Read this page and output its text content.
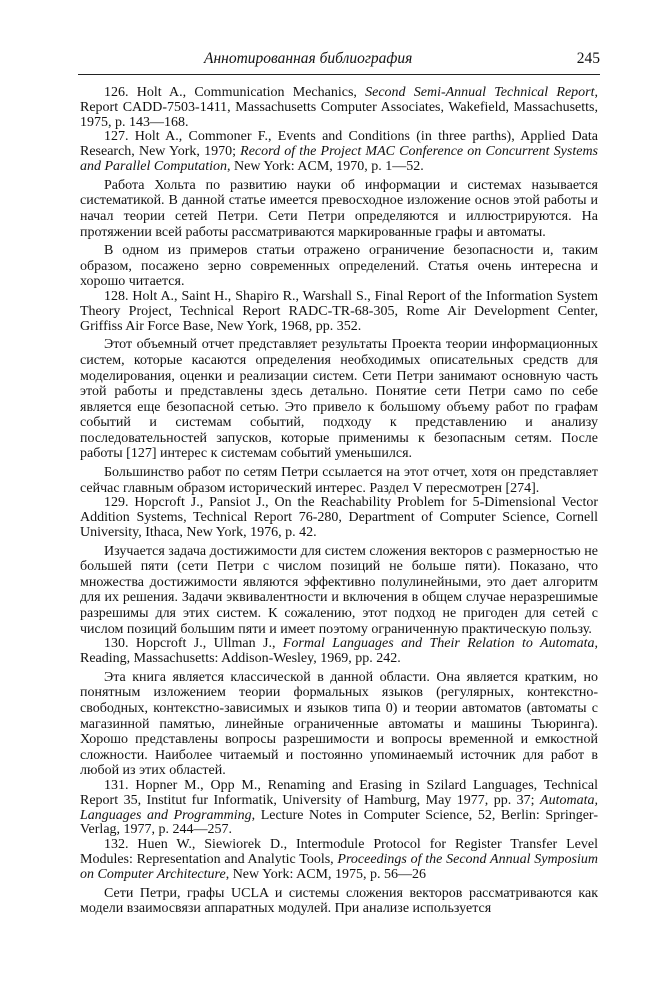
Аннотированная библиография	245

126. Holt A., Communication Mechanics, Second Semi-Annual Technical Report, Report CADD-7503-1411, Massachusetts Computer Associates, Wakefield, Massachusetts, 1975, p. 143—168.

127. Holt A., Commoner F., Events and Conditions (in three parths), Applied Data Research, New York, 1970; Record of the Project MAC Conference on Concurrent Systems and Parallel Computation, New York: ACM, 1970, p. 1—52.

Работа Хольта по развитию науки об информации и системах называется систематикой. В данной статье имеется превосходное изложение основ этой работы и начал теории сетей Петри. Сети Петри определяются и иллюстрируются. На протяжении всей работы рассматриваются маркированные графы и автоматы.

В одном из примеров статьи отражено ограничение безопасности и, таким образом, посажено зерно современных определений. Статья очень интересна и хорошо читается.

128. Holt A., Saint H., Shapiro R., Warshall S., Final Report of the Information System Theory Project, Technical Report RADC-TR-68-305, Rome Air Development Center, Griffiss Air Force Base, New York, 1968, pp. 352.

Этот объемный отчет представляет результаты Проекта теории информационных систем, которые касаются определения необходимых описательных средств для моделирования, оценки и реализации систем. Сети Петри занимают основную часть этой работы и представлены здесь детально. Понятие сети Петри само по себе является еще безопасной сетью. Это привело к большому объему работ по графам событий и системам событий, подходу к представлению и анализу последовательностей запусков, которые применимы к безопасным сетям. После работы [127] интерес к системам событий уменьшился.

Большинство работ по сетям Петри ссылается на этот отчет, хотя он представляет сейчас главным образом исторический интерес. Раздел V пересмотрен [274].

129. Hopcroft J., Pansiot J., On the Reachability Problem for 5-Dimensional Vector Addition Systems, Technical Report 76-280, Department of Computer Science, Cornell University, Ithaca, New York, 1976, p. 42.

Изучается задача достижимости для систем сложения векторов с размерностью не большей пяти (сети Петри с числом позиций не больше пяти). Показано, что множества достижимости являются эффективно полулинейными, это дает алгоритм для их решения. Задачи эквивалентности и включения в общем случае неразрешимые разрешимы для этих систем. К сожалению, этот подход не пригоден для сетей с числом позиций большим пяти и имеет поэтому ограниченную практическую пользу.

130. Hopcroft J., Ullman J., Formal Languages and Their Relation to Automata, Reading, Massachusetts: Addison-Wesley, 1969, pp. 242.

Эта книга является классической в данной области. Она является кратким, но понятным изложением теории формальных языков (регулярных, контекстно-свободных, контекстно-зависимых и языков типа 0) и теории автоматов (автоматы с магазинной памятью, линейные ограниченные автоматы и машины Тьюринга). Хорошо представлены вопросы разрешимости и вопросы временной и емкостной сложности. Наиболее читаемый и постоянно упоминаемый источник для работ в любой из этих областей.

131. Hopner M., Opp M., Renaming and Erasing in Szilard Languages, Technical Report 35, Institut fur Informatik, University of Hamburg, May 1977, pp. 37; Automata, Languages and Programming, Lecture Notes in Computer Science, 52, Berlin: Springer-Verlag, 1977, p. 244—257.

132. Huen W., Siewiorek D., Intermodule Protocol for Register Transfer Level Modules: Representation and Analytic Tools, Proceedings of the Second Annual Symposium on Computer Architecture, New York: ACM, 1975, p. 56—26

Сети Петри, графы UCLA и системы сложения векторов рассматриваются как модели взаимосвязи аппаратных модулей. При анализе используется
